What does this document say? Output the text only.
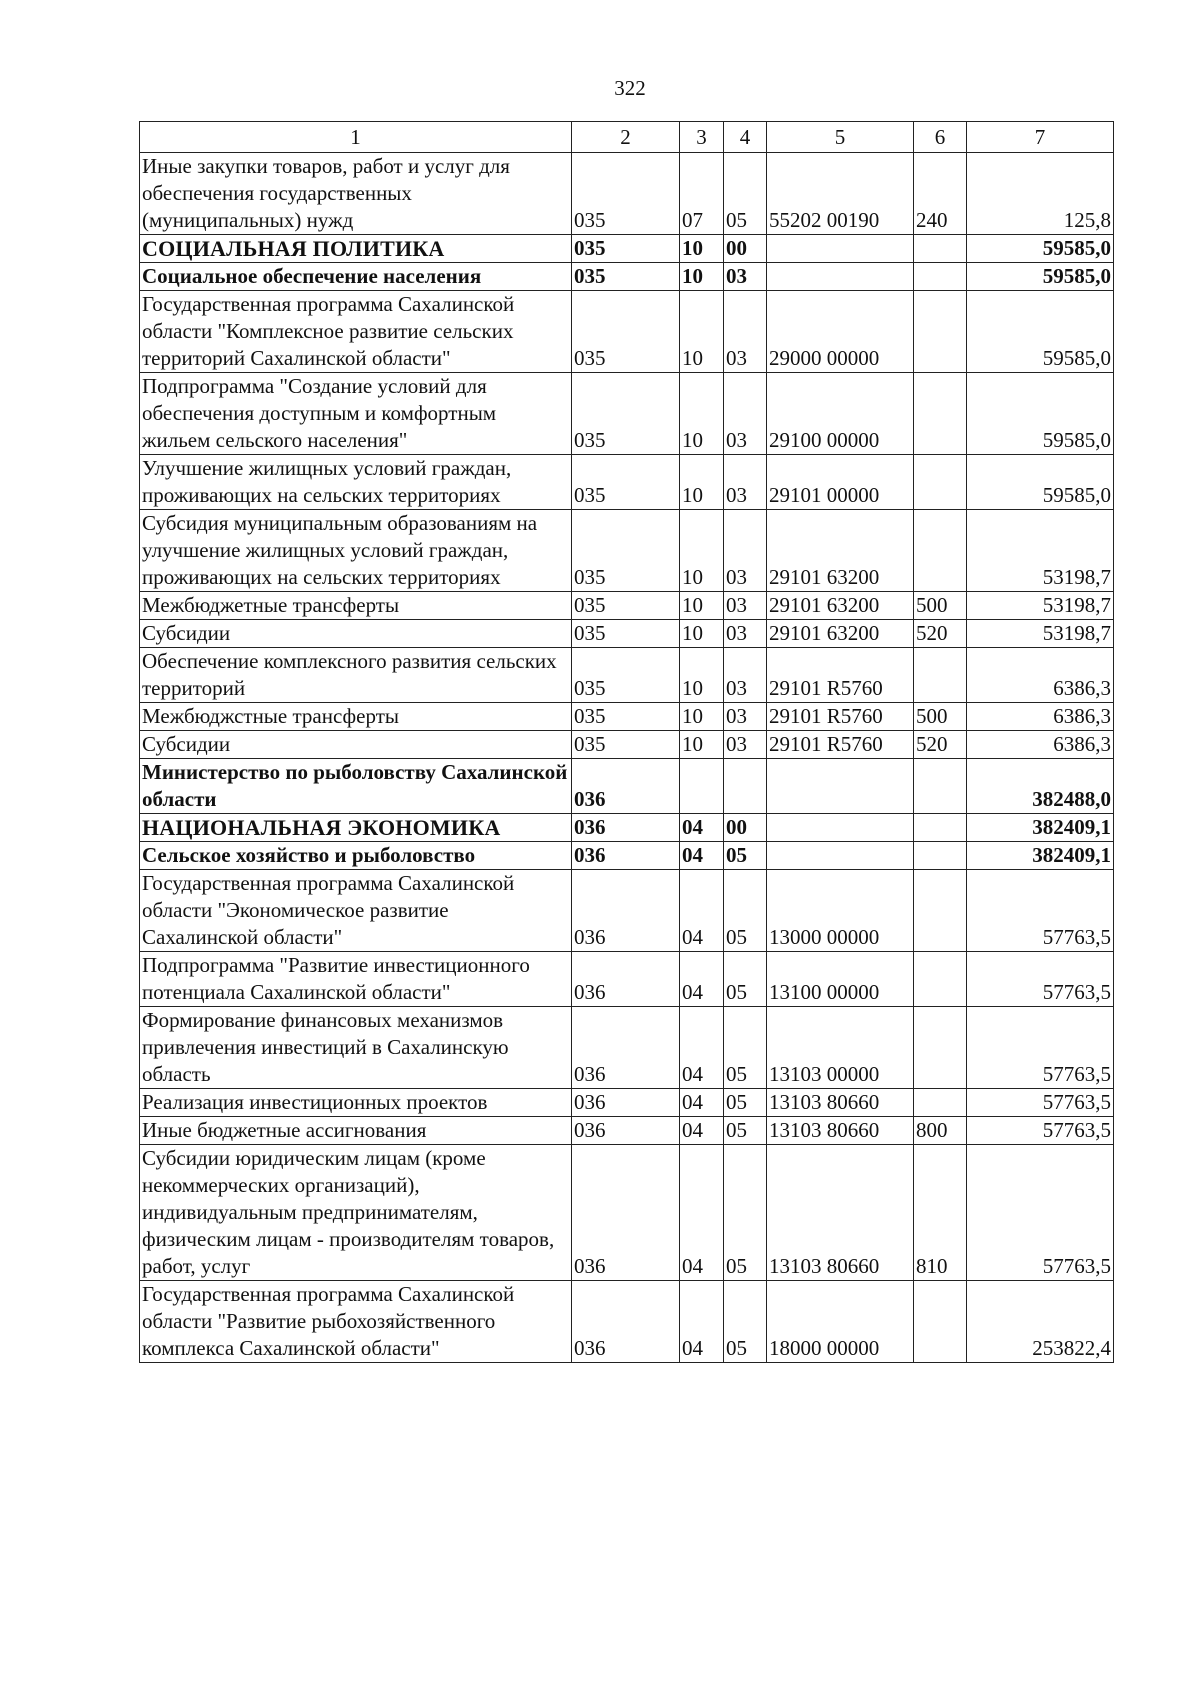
322
1	2	3	4	5	6	7
Иные закупки товаров, работ и услуг для обеспечения государственных (муниципальных) нужд	035	07	05	55202 00190	240	125,8
СОЦИАЛЬНАЯ ПОЛИТИКА	035	10	00			59585,0
Социальное обеспечение населения	035	10	03			59585,0
Государственная программа Сахалинской области "Комплексное развитие сельских территорий Сахалинской области"	035	10	03	29000 00000		59585,0
Подпрограмма "Создание условий для обеспечения доступным и комфортным жильем сельского населения"	035	10	03	29100 00000		59585,0
Улучшение жилищных условий граждан, проживающих на сельских территориях	035	10	03	29101 00000		59585,0
Субсидия муниципальным образованиям на улучшение жилищных условий граждан, проживающих на сельских территориях	035	10	03	29101 63200		53198,7
Межбюджетные трансферты	035	10	03	29101 63200	500	53198,7
Субсидии	035	10	03	29101 63200	520	53198,7
Обеспечение комплексного развития сельских территорий	035	10	03	29101 R5760		6386,3
Межбюджстные трансферты	035	10	03	29101 R5760	500	6386,3
Субсидии	035	10	03	29101 R5760	520	6386,3
Министерство по рыболовству Сахалинской области	036					382488,0
НАЦИОНАЛЬНАЯ ЭКОНОМИКА	036	04	00			382409,1
Сельское хозяйство и рыболовство	036	04	05			382409,1
Государственная программа Сахалинской области "Экономическое развитие Сахалинской области"	036	04	05	13000 00000		57763,5
Подпрограмма "Развитие инвестиционного потенциала Сахалинской области"	036	04	05	13100 00000		57763,5
Формирование финансовых механизмов привлечения инвестиций в Сахалинскую область	036	04	05	13103 00000		57763,5
Реализация инвестиционных проектов	036	04	05	13103 80660		57763,5
Иные бюджетные ассигнования	036	04	05	13103 80660	800	57763,5
Субсидии юридическим лицам (кроме некоммерческих организаций), индивидуальным предпринимателям, физическим лицам - производителям товаров, работ, услуг	036	04	05	13103 80660	810	57763,5
Государственная программа Сахалинской области "Развитие рыбохозяйственного комплекса Сахалинской области"	036	04	05	18000 00000		253822,4
